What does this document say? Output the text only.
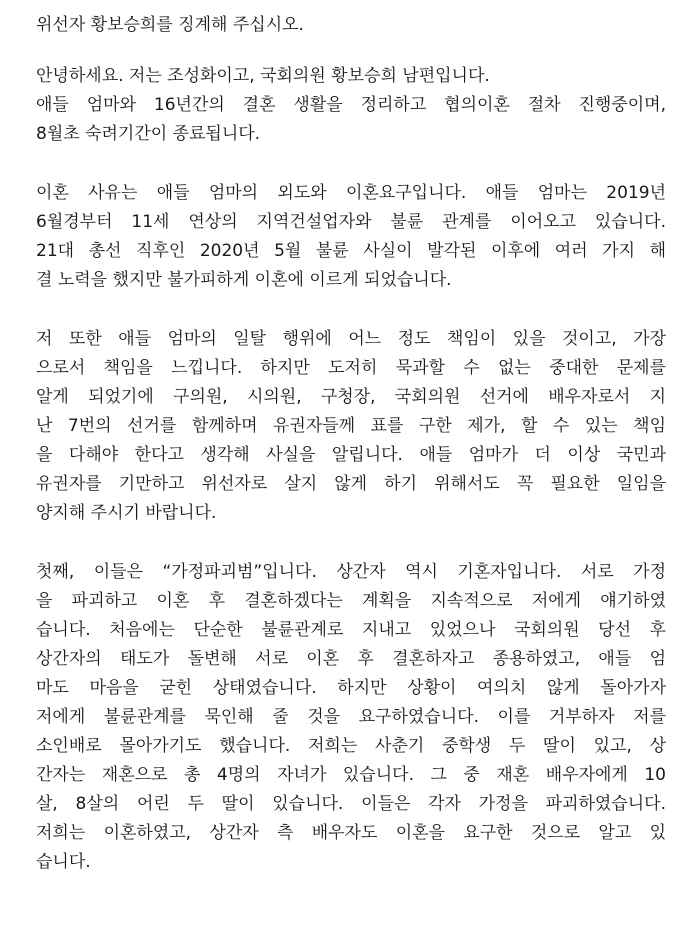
위선자 황보승희를 징계해 주십시오.
안녕하세요. 저는 조성화이고, 국회의원 황보승희 남편입니다.
애들 엄마와 16년간의 결혼 생활을 정리하고 협의이혼 절차 진행중이며,
8월초 숙려기간이 종료됩니다.
이혼 사유는 애들 엄마의 외도와 이혼요구입니다. 애들 엄마는 2019년
6월경부터 11세 연상의 지역건설업자와 불륜 관계를 이어오고 있습니다.
21대 총선 직후인 2020년 5월 불륜 사실이 발각된 이후에 여러 가지 해
결 노력을 했지만 불가피하게 이혼에 이르게 되었습니다.
저 또한 애들 엄마의 일탈 행위에 어느 정도 책임이 있을 것이고, 가장
으로서 책임을 느낍니다. 하지만 도저히 묵과할 수 없는 중대한 문제를
알게 되었기에 구의원, 시의원, 구청장, 국회의원 선거에 배우자로서 지
난 7번의 선거를 함께하며 유권자들께 표를 구한 제가, 할 수 있는 책임
을 다해야 한다고 생각해 사실을 알립니다. 애들 엄마가 더 이상 국민과
유권자를 기만하고 위선자로 살지 않게 하기 위해서도 꼭 필요한 일임을
양지해 주시기 바랍니다.
첫째, 이들은 “가정파괴범”입니다. 상간자 역시 기혼자입니다. 서로 가정
을 파괴하고 이혼 후 결혼하겠다는 계획을 지속적으로 저에게 얘기하였
습니다. 처음에는 단순한 불륜관계로 지내고 있었으나 국회의원 당선 후
상간자의 태도가 돌변해 서로 이혼 후 결혼하자고 종용하였고, 애들 엄
마도 마음을 굳힌 상태였습니다. 하지만 상황이 여의치 않게 돌아가자
저에게 불륜관계를 묵인해 줄 것을 요구하였습니다. 이를 거부하자 저를
소인배로 몰아가기도 했습니다. 저희는 사춘기 중학생 두 딸이 있고, 상
간자는 재혼으로 총 4명의 자녀가 있습니다. 그 중 재혼 배우자에게 10
살, 8살의 어린 두 딸이 있습니다. 이들은 각자 가정을 파괴하였습니다.
저희는 이혼하였고, 상간자 측 배우자도 이혼을 요구한 것으로 알고 있
습니다.
